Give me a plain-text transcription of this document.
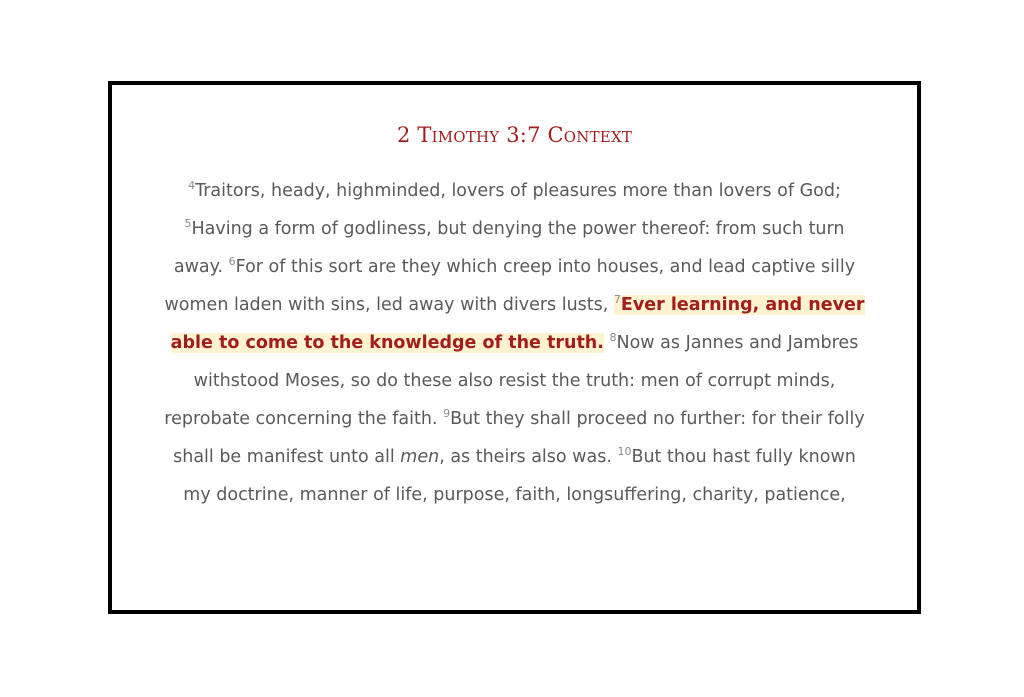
2 Timothy 3:7 Context
$^4$Traitors, heady, highminded, lovers of pleasures more than lovers of God; $^5$Having a form of godliness, but denying the power thereof: from such turn away. $^6$For of this sort are they which creep into houses, and lead captive silly women laden with sins, led away with divers lusts, $^7$Ever learning, and never able to come to the knowledge of the truth. $^8$Now as Jannes and Jambres withstood Moses, so do these also resist the truth: men of corrupt minds, reprobate concerning the faith. $^9$But they shall proceed no further: for their folly shall be manifest unto all men, as theirs also was. $^{10}$But thou hast fully known my doctrine, manner of life, purpose, faith, longsuffering, charity, patience,
